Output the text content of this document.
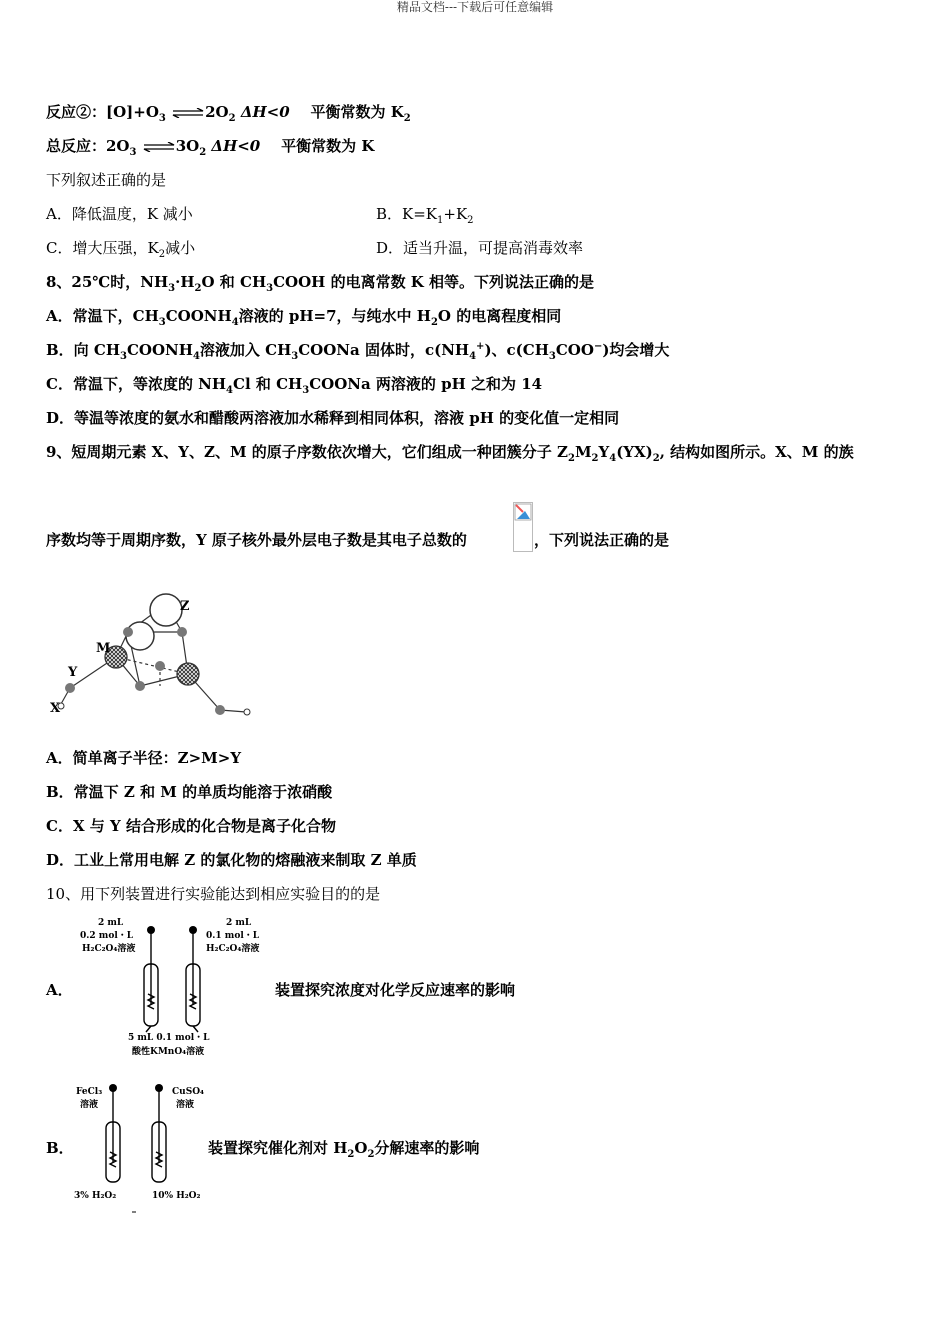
精品文档---下载后可任意编辑
反应②：$[O]+O_3$ $\rightleftharpoons 2O_2$ ΔH<0 平衡常数为 $K_2$
总反应：$2O_3$ $\rightleftharpoons 3O_2$ ΔH<0 平衡常数为 K
下列叙述正确的是
A．降低温度，K 减小	B．$K=K_1+K_2$
C．增大压强，$K_2$减小	D．适当升温，可提高消毒效率
8、25℃时，$NH_3\cdot H_2O$ 和 $CH_3COOH$ 的电离常数 K 相等。下列说法正确的是
A．常温下，$CH_3COONH_4$溶液的 pH=7，与纯水中 $H_2O$ 的电离程度相同
B．向 $CH_3COONH_4$溶液加入 $CH_3COONa$ 固体时，$c(NH_4^+)$、$c(CH_3COO^-)$均会增大
C．常温下，等浓度的 $NH_4Cl$ 和 $CH_3COONa$ 两溶液的 pH 之和为 14
D．等温等浓度的氨水和醋酸两溶液加水稀释到相同体积，溶液 pH 的变化值一定相同
9、短周期元素 X、Y、Z、M 的原子序数依次增大，它们组成一种团簇分子 $Z_2M_2Y_4(YX)_2$, 结构如图所示。X、M 的族
序数均等于周期序数，Y 原子核外最外层电子数是其电子总数的	，下列说法正确的是
Z
M
Y
X
A．简单离子半径：Z>M>Y
B．常温下 Z 和 M 的单质均能溶于浓硝酸
C．X 与 Y 结合形成的化合物是离子化合物
D．工业上常用电解 Z 的氯化物的熔融液来制取 Z 单质
10、用下列装置进行实验能达到相应实验目的的是
A．
2 mL
0.2 mol・L
H₂C₂O₄溶液
2 mL
0.1 mol・L
H₂C₂O₄溶液
5 mL 0.1 mol・L
酸性KMnO₄溶液
装置探究浓度对化学反应速率的影响
B．
FeCl₃
溶液
CuSO₄
溶液
3% H₂O₂	10% H₂O₂
装置探究催化剂对 $H_2O_2$分解速率的影响
